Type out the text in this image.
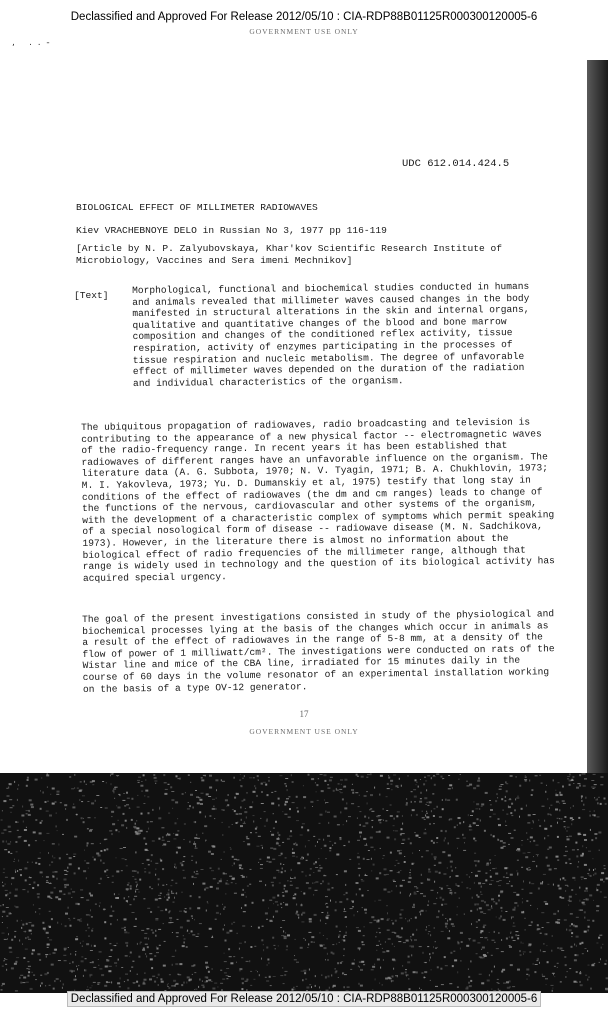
Declassified and Approved For Release 2012/05/10 : CIA-RDP88B01125R000300120005-6
GOVERNMENT USE ONLY
,     .  .  -
UDC 612.014.424.5
BIOLOGICAL EFFECT OF MILLIMETER RADIOWAVES
Kiev VRACHEBNOYE DELO in Russian No 3, 1977 pp 116-119
[Article by N. P. Zalyubovskaya, Khar'kov Scientific Research Institute of Microbiology, Vaccines and Sera imeni Mechnikov]
[Text] Morphological, functional and biochemical studies conducted in humans and animals revealed that millimeter waves caused changes in the body manifested in structural alterations in the skin and internal organs, qualitative and quantitative changes of the blood and bone marrow composition and changes of the conditioned reflex activity, tissue respiration, activity of enzymes participating in the processes of tissue respiration and nucleic metabolism. The degree of unfavorable effect of millimeter waves depended on the duration of the radiation and individual characteristics of the organism.

The ubiquitous propagation of radiowaves, radio broadcasting and television is contributing to the appearance of a new physical factor -- electromagnetic waves of the radio-frequency range. In recent years it has been established that radiowaves of different ranges have an unfavorable influence on the organism. The literature data (A. G. Subbota, 1970; N. V. Tyagin, 1971; B. A. Chukhlovin, 1973; M. I. Yakovleva, 1973; Yu. D. Dumanskiy et al, 1975) testify that long stay in conditions of the effect of radiowaves (the dm and cm ranges) leads to change of the functions of the nervous, cardiovascular and other systems of the organism, with the development of a characteristic complex of symptoms which permit speaking of a special nosological form of disease -- radiowave disease (M. N. Sadchikova, 1973). However, in the literature there is almost no information about the biological effect of radio frequencies of the millimeter range, although that range is widely used in technology and the question of its biological activity has acquired special urgency.

The goal of the present investigations consisted in study of the physiological and biochemical processes lying at the basis of the changes which occur in animals as a result of the effect of radiowaves in the range of 5-8 mm, at a density of the flow of power of 1 milliwatt/cm². The investigations were conducted on rats of the Wistar line and mice of the CBA line, irradiated for 15 minutes daily in the course of 60 days in the volume resonator of an experimental installation working on the basis of a type OV-12 generator.

17
GOVERNMENT USE ONLY
Declassified and Approved For Release 2012/05/10 : CIA-RDP88B01125R000300120005-6
